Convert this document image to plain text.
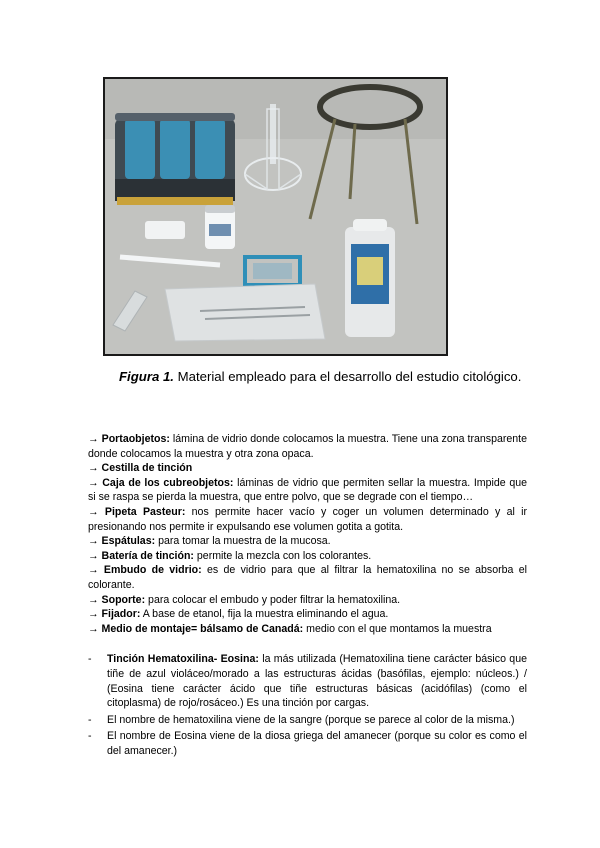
Figura 1. Material empleado para el desarrollo del estudio citológico.

→ Portaobjetos: lámina de vidrio donde colocamos la muestra. Tiene una zona transparente donde colocamos la muestra y otra zona opaca.

→ Cestilla de tinción

→ Caja de los cubreobjetos: láminas de vidrio que permiten sellar la muestra. Impide que si se raspa se pierda la muestra, que entre polvo, que se degrade con el tiempo…

→ Pipeta Pasteur: nos permite hacer vacío y coger un volumen determinado y al ir presionando nos permite ir expulsando ese volumen gotita a gotita.

→ Espátulas: para tomar la muestra de la mucosa.

→ Batería de tinción: permite la mezcla con los colorantes.

→ Embudo de vidrio: es de vidrio para que al filtrar la hematoxilina no se absorba el colorante.

→ Soporte: para colocar el embudo y poder filtrar la hematoxilina.

→ Fijador: A base de etanol, fija la muestra eliminando el agua.

→ Medio de montaje= bálsamo de Canadá: medio con el que montamos la muestra

- Tinción Hematoxilina- Eosina: la más utilizada (Hematoxilina tiene carácter básico que tiñe de azul violáceo/morado a las estructuras ácidas (basófilas, ejemplo: núcleos.) / (Eosina tiene carácter ácido que tiñe estructuras básicas (acidófilas) (como el citoplasma) de rojo/rosáceo.) Es una tinción por cargas.
- El nombre de hematoxilina viene de la sangre (porque se parece al color de la misma.)
- El nombre de Eosina viene de la diosa griega del amanecer (porque su color es como el del amanecer.)
